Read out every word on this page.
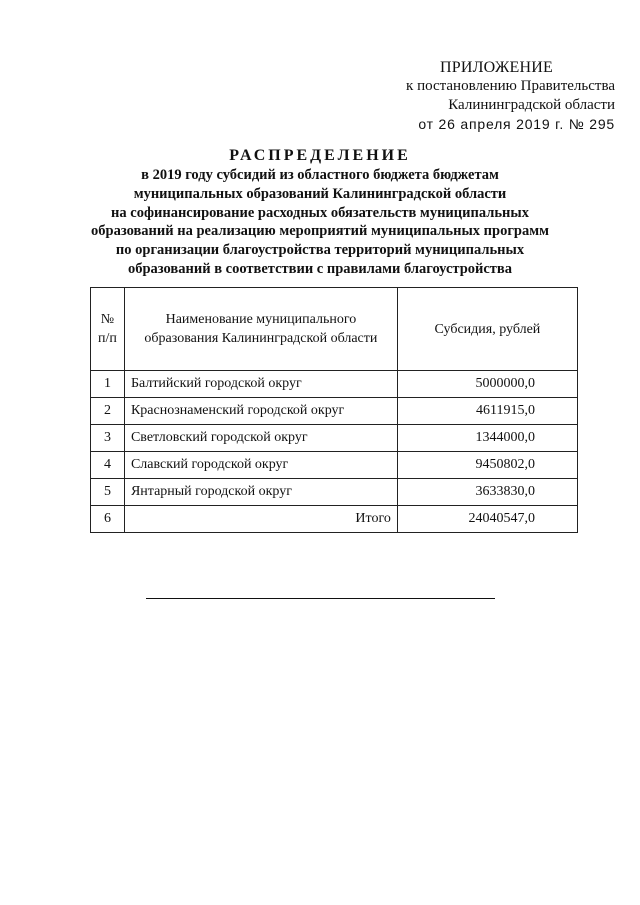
ПРИЛОЖЕНИЕ
к постановлению Правительства
Калининградской области
от 26 апреля 2019 г. № 295
РАСПРЕДЕЛЕНИЕ
в 2019 году субсидий из областного бюджета бюджетам
муниципальных образований Калининградской области
на софинансирование расходных обязательств муниципальных
образований на реализацию мероприятий муниципальных программ
по организации благоустройства территорий муниципальных
образований в соответствии с правилами благоустройства
№ п/п	Наименование муниципального образования Калининградской области	Субсидия, рублей
1	Балтийский городской округ	5000000,0
2	Краснознаменский городской округ	4611915,0
3	Светловский городской округ	1344000,0
4	Славский городской округ	9450802,0
5	Янтарный городской округ	3633830,0
6	Итого	24040547,0
